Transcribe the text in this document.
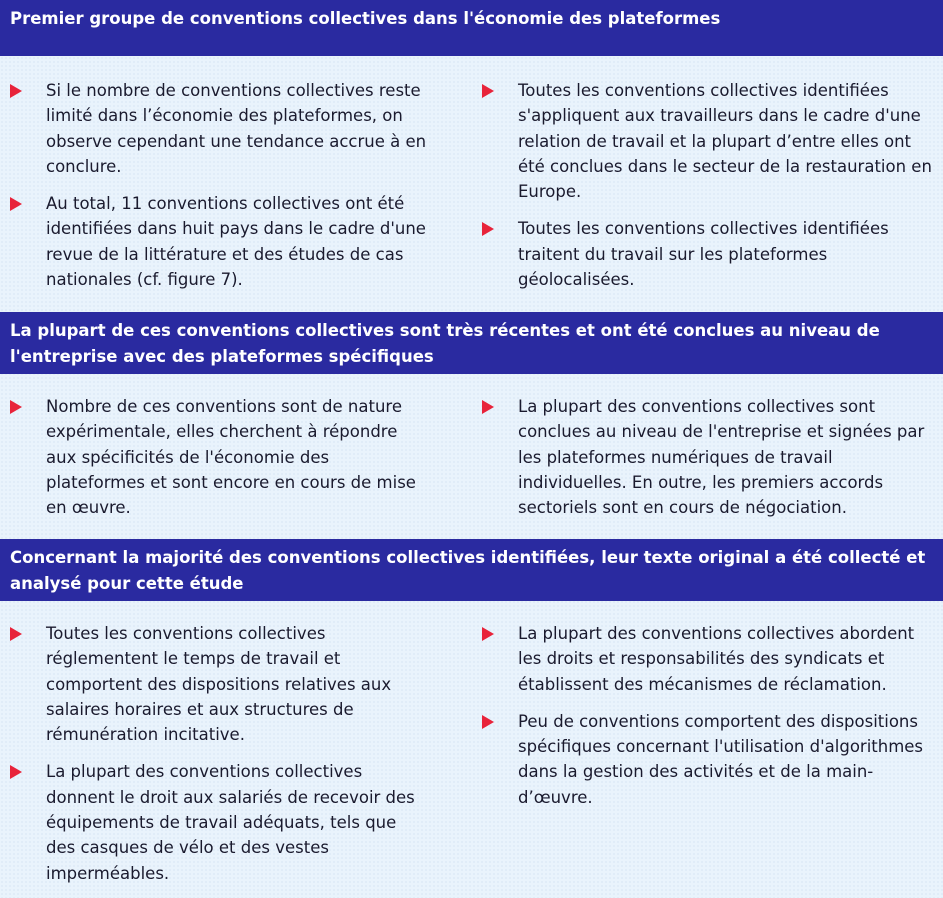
Premier groupe de conventions collectives dans l'économie des plateformes
Si le nombre de conventions collectives reste limité dans l’économie des plateformes, on observe cependant une tendance accrue à en conclure.
Au total, 11 conventions collectives ont été identifiées dans huit pays dans le cadre d'une revue de la littérature et des études de cas nationales (cf. figure 7).
Toutes les conventions collectives identifiées s'appliquent aux travailleurs dans le cadre d'une relation de travail et la plupart d’entre elles ont été conclues dans le secteur de la restauration en Europe.
Toutes les conventions collectives identifiées traitent du travail sur les plateformes géolocalisées.
La plupart de ces conventions collectives sont très récentes et ont été conclues au niveau de l'entreprise avec des plateformes spécifiques
Nombre de ces conventions sont de nature expérimentale, elles cherchent à répondre aux spécificités de l'économie des plateformes et sont encore en cours de mise en œuvre.
La plupart des conventions collectives sont conclues au niveau de l'entreprise et signées par les plateformes numériques de travail individuelles. En outre, les premiers accords sectoriels sont en cours de négociation.
Concernant la majorité des conventions collectives identifiées, leur texte original a été collecté et analysé pour cette étude
Toutes les conventions collectives réglementent le temps de travail et comportent des dispositions relatives aux salaires horaires et aux structures de rémunération incitative.
La plupart des conventions collectives donnent le droit aux salariés de recevoir des équipements de travail adéquats, tels que des casques de vélo et des vestes imperméables.
La plupart des conventions collectives abordent les droits et responsabilités des syndicats et établissent des mécanismes de réclamation.
Peu de conventions comportent des dispositions spécifiques concernant l'utilisation d'algorithmes dans la gestion des activités et de la main-d’œuvre.
